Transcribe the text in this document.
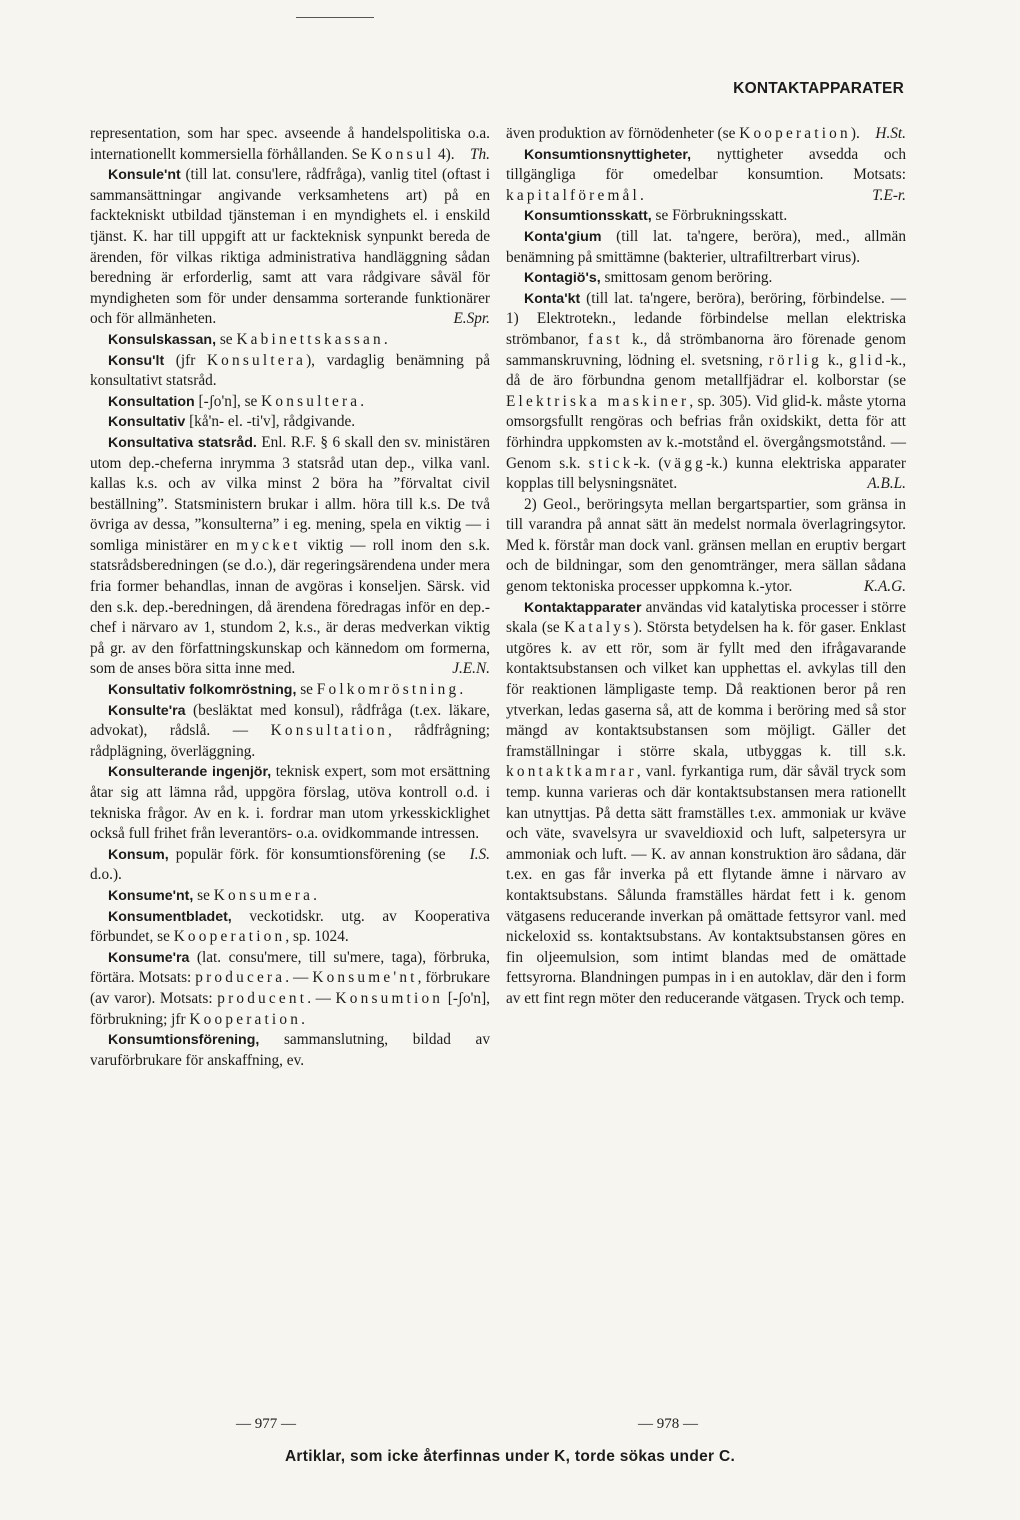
KONTAKTAPPARATER

representation, som har spec. avseende å handelspolitiska o.a. internationellt kommersiella förhållanden. Se Konsul 4). Th.

Konsule'nt (till lat. consu'lere, rådfråga), vanlig titel (oftast i sammansättningar angivande verksamhetens art) på en facktekniskt utbildad tjänsteman i en myndighets el. i enskild tjänst. K. har till uppgift att ur fackteknisk synpunkt bereda de ärenden, för vilkas riktiga administrativa handläggning sådan beredning är erforderlig, samt att vara rådgivare såväl för myndigheten som för under densamma sorterande funktionärer och för allmänheten.	E.Spr.

Konsulskassan, se Kabinettskassan.

Konsu'lt (jfr Konsultera), vardaglig benämning på konsultativt statsråd.

Konsultation [-ʃo'n], se Konsultera.

Konsultativ [kå'n- el. -ti'v], rådgivande.

Konsultativa statsråd. Enl. R.F. § 6 skall den sv. ministären utom dep.-cheferna inrymma 3 statsråd utan dep., vilka vanl. kallas k.s. och av vilka minst 2 böra ha ”förvaltat civil beställning”. Statsministern brukar i allm. höra till k.s. De två övriga av dessa, ”konsulterna” i eg. mening, spela en viktig — i somliga ministärer en mycket viktig — roll inom den s.k. statsrådsberedningen (se d.o.), där regeringsärendena under mera fria former behandlas, innan de avgöras i konseljen. Särsk. vid den s.k. dep.-beredningen, då ärendena föredragas inför en dep.-chef i närvaro av 1, stundom 2, k.s., är deras medverkan viktig på gr. av den författningskunskap och kännedom om formerna, som de anses böra sitta inne med.	J.E.N.

Konsultativ folkomröstning, se Folkomröstning.

Konsulte'ra (besläktat med konsul), rådfråga (t.ex. läkare, advokat), rådslå. — Konsultation, rådfrågning; rådplägning, överläggning.

Konsulterande ingenjör, teknisk expert, som mot ersättning åtar sig att lämna råd, uppgöra förslag, utöva kontroll o.d. i tekniska frågor. Av en k. i. fordrar man utom yrkesskicklighet också full frihet från leverantörs- o.a. ovidkommande intressen.
I.S.

Konsum, populär förk. för konsumtionsförening (se d.o.).

Konsume'nt, se Konsumera.

Konsumentbladet, veckotidskr. utg. av Kooperativa förbundet, se Kooperation, sp. 1024.

Konsume'ra (lat. consu'mere, till su'mere, taga), förbruka, förtära. Motsats: producera. — Konsume'nt, förbrukare (av varor). Motsats: producent. — Konsumtion [-ʃo'n], förbrukning; jfr Kooperation.

Konsumtionsförening, sammanslutning, bildad av varuförbrukare för anskaffning, ev.

även produktion av förnödenheter (se Kooperation). H.St.

Konsumtionsnyttigheter, nyttigheter avsedda och tillgängliga för omedelbar konsumtion. Motsats: kapitalföremål.	T.E-r.

Konsumtionsskatt, se Förbrukningsskatt.

Konta'gium (till lat. ta'ngere, beröra), med., allmän benämning på smittämne (bakterier, ultrafiltrerbart virus).

Kontagiö's, smittosam genom beröring.

Konta'kt (till lat. ta'ngere, beröra), beröring, förbindelse. — 1) Elektrotekn., ledande förbindelse mellan elektriska strömbanor, fast k., då strömbanorna äro förenade genom sammanskruvning, lödning el. svetsning, rörlig k., glid-k., då de äro förbundna genom metallfjädrar el. kolborstar (se Elektriska maskiner, sp. 305). Vid glid-k. måste ytorna omsorgsfullt rengöras och befrias från oxidskikt, detta för att förhindra uppkomsten av k.-motstånd el. övergångsmotstånd. — Genom s.k. stick-k. (vägg-k.) kunna elektriska apparater kopplas till belysningsnätet.	A.B.L.

2) Geol., beröringsyta mellan bergartspartier, som gränsa in till varandra på annat sätt än medelst normala överlagringsytor. Med k. förstår man dock vanl. gränsen mellan en eruptiv bergart och de bildningar, som den genomtränger, mera sällan sådana genom tektoniska processer uppkomna k.-ytor.	K.A.G.

Kontaktapparater användas vid katalytiska processer i större skala (se Katalys). Största betydelsen ha k. för gaser. Enklast utgöres k. av ett rör, som är fyllt med den ifrågavarande kontaktsubstansen och vilket kan upphettas el. avkylas till den för reaktionen lämpligaste temp. Då reaktionen beror på ren ytverkan, ledas gaserna så, att de komma i beröring med så stor mängd av kontaktsubstansen som möjligt. Gäller det framställningar i större skala, utbyggas k. till s.k. kontaktkamrar, vanl. fyrkantiga rum, där såväl tryck som temp. kunna varieras och där kontaktsubstansen mera rationellt kan utnyttjas. På detta sätt framställes t.ex. ammoniak ur kväve och väte, svavelsyra ur svaveldioxid och luft, salpetersyra ur ammoniak och luft. — K. av annan konstruktion äro sådana, där t.ex. en gas får inverka på ett flytande ämne i närvaro av kontaktsubstans. Sålunda framställes härdat fett i k. genom vätgasens reducerande inverkan på omättade fettsyror vanl. med nickeloxid ss. kontaktsubstans. Av kontaktsubstansen göres en fin oljeemulsion, som intimt blandas med de omättade fettsyrorna. Blandningen pumpas in i en autoklav, där den i form av ett fint regn möter den reducerande vätgasen. Tryck och temp.

— 977 —	— 978 —
Artiklar, som icke återfinnas under K, torde sökas under C.
